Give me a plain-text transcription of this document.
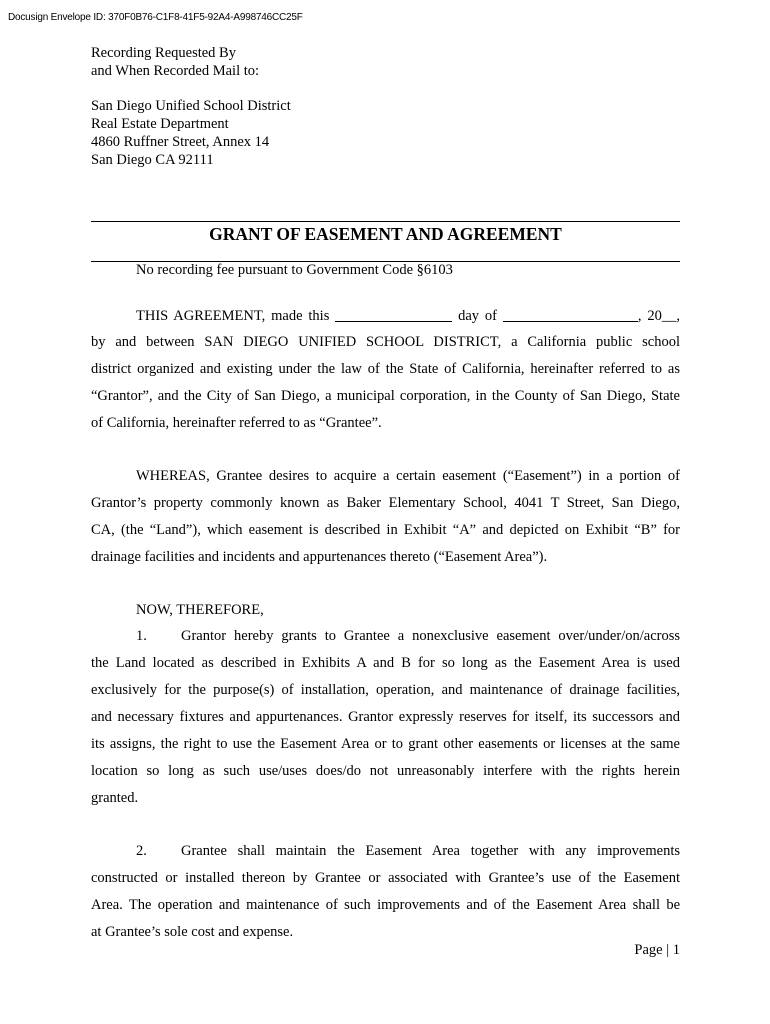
Docusign Envelope ID: 370F0B76-C1F8-41F5-92A4-A998746CC25F
Recording Requested By
and When Recorded Mail to:
San Diego Unified School District
Real Estate Department
4860 Ruffner Street, Annex 14
San Diego CA 92111
GRANT OF EASEMENT AND AGREEMENT
No recording fee pursuant to Government Code §6103
THIS AGREEMENT, made this	day of	, 20__,
by and between SAN DIEGO UNIFIED SCHOOL DISTRICT, a California public school
district organized and existing under the law of the State of California, hereinafter referred to as
“Grantor”, and the City of San Diego, a municipal corporation, in the County of San Diego, State
of California, hereinafter referred to as “Grantee”.
WHEREAS, Grantee desires to acquire a certain easement (“Easement”) in a portion of
Grantor’s property commonly known as Baker Elementary School, 4041 T Street, San Diego,
CA, (the “Land”), which easement is described in Exhibit “A” and depicted on Exhibit “B” for
drainage facilities and incidents and appurtenances thereto (“Easement Area”).
NOW, THEREFORE,
1. Grantor hereby grants to Grantee a nonexclusive easement over/under/on/across
the Land located as described in Exhibits A and B for so long as the Easement Area is used
exclusively for the purpose(s) of installation, operation, and maintenance of drainage facilities,
and necessary fixtures and appurtenances. Grantor expressly reserves for itself, its successors and
its assigns, the right to use the Easement Area or to grant other easements or licenses at the same
location so long as such use/uses does/do not unreasonably interfere with the rights herein
granted.
2. Grantee shall maintain the Easement Area together with any improvements
constructed or installed thereon by Grantee or associated with Grantee’s use of the Easement
Area. The operation and maintenance of such improvements and of the Easement Area shall be
at Grantee’s sole cost and expense.
Page | 1
